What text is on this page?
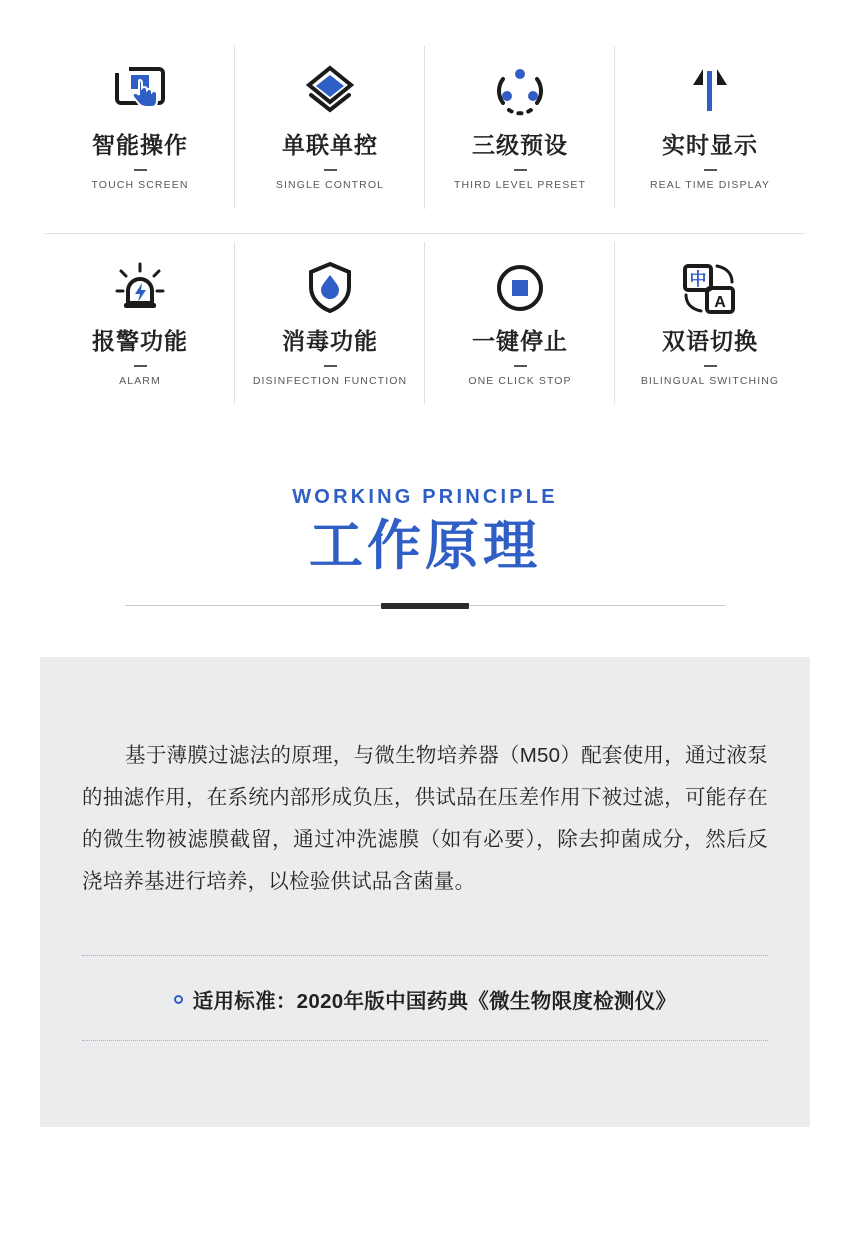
智能操作
TOUCH SCREEN
单联单控
SINGLE CONTROL
三级预设
THIRD LEVEL PRESET
实时显示
REAL TIME DISPLAY
报警功能
ALARM
消毒功能
DISINFECTION FUNCTION
一键停止
ONE CLICK STOP
中
A
双语切换
BILINGUAL SWITCHING
WORKING PRINCIPLE
工作原理

基于薄膜过滤法的原理，与微生物培养器（M50）配套使用，通过液泵的抽滤作用，在系统内部形成负压，供试品在压差作用下被过滤，可能存在的微生物被滤膜截留，通过冲洗滤膜（如有必要），除去抑菌成分，然后反浇培养基进行培养，以检验供试品含菌量。

适用标准：2020年版中国药典《微生物限度检测仪》
